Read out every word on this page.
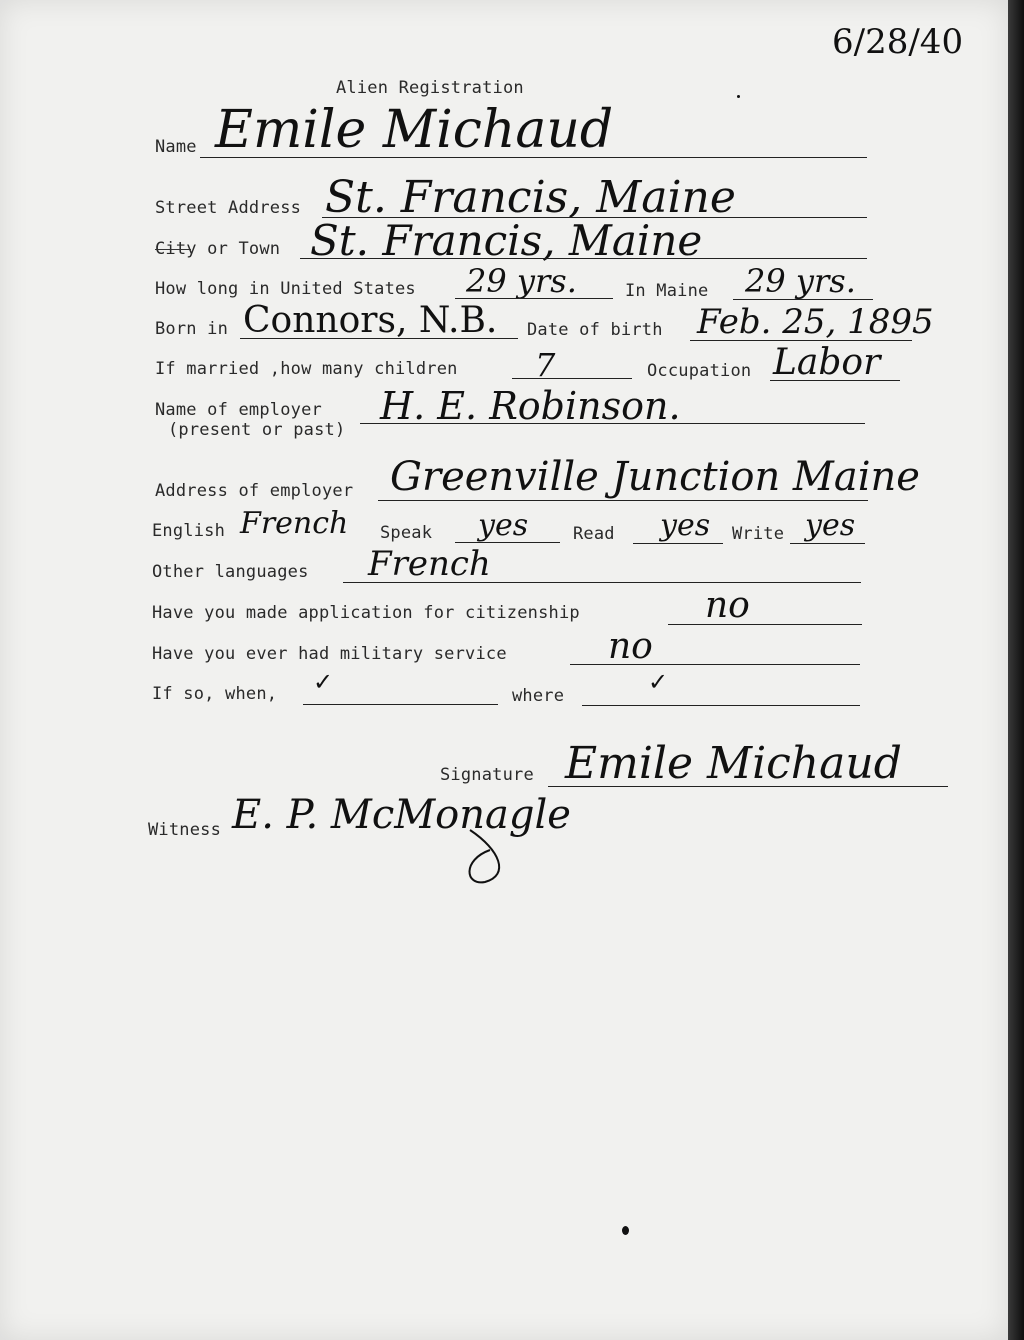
6/28/40
Alien Registration
Name Emile Michaud
Street Address St. Francis, Maine
City or Town St. Francis, Maine
How long in United States 29 yrs.	In Maine 29 yrs.
Born in Connors, N.B. Date of birth Feb. 25, 1895
If married ,how many children 7	Occupation Labor
Name of employer
(present or past)
H. E. Robinson.
Address of employer Greenville Junction Maine
English French Speak yes	Read yes Write yes
Other languages French
Have you made application for citizenship	no
Have you ever had military service	no
If so, when, ✓	where	✓
Signature Emile Michaud
Witness E. P. McMonagle
